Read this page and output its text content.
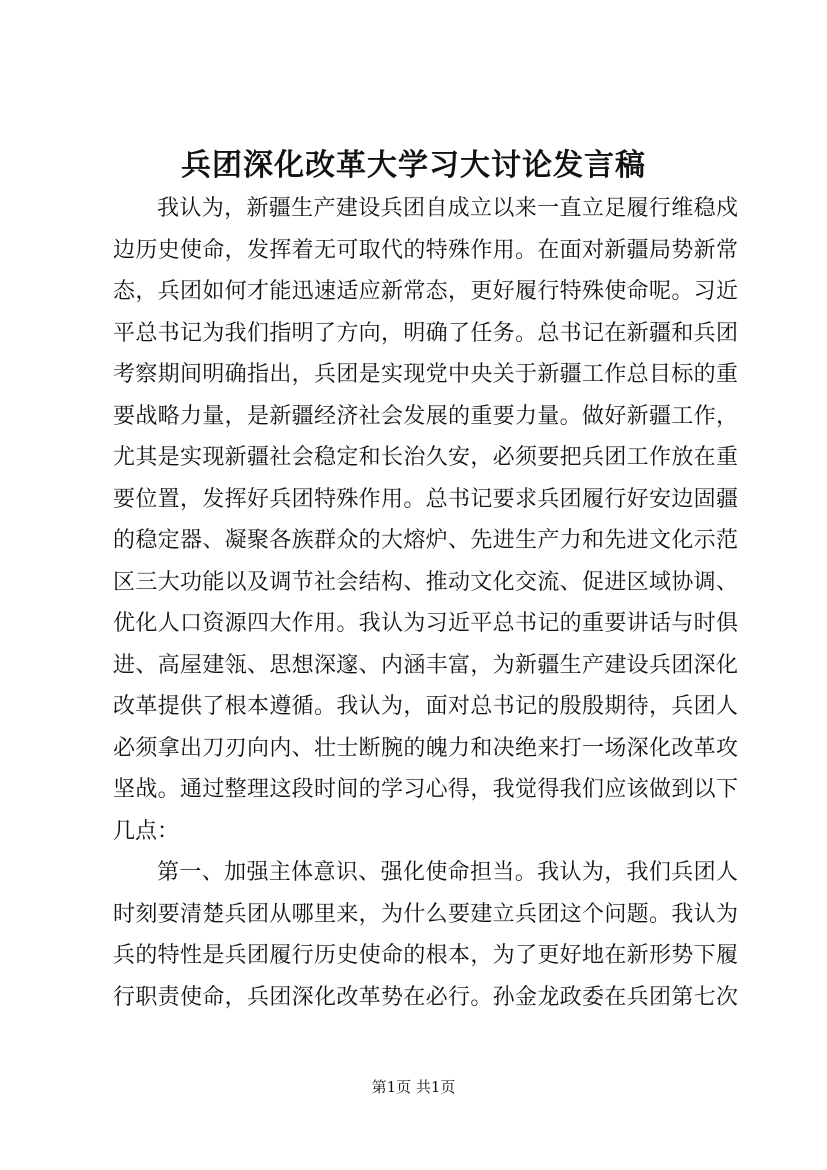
兵团深化改革大学习大讨论发言稿
我认为，新疆生产建设兵团自成立以来一直立足履行维稳戍
边历史使命，发挥着无可取代的特殊作用。在面对新疆局势新常
态，兵团如何才能迅速适应新常态，更好履行特殊使命呢。习近
平总书记为我们指明了方向，明确了任务。总书记在新疆和兵团
考察期间明确指出，兵团是实现党中央关于新疆工作总目标的重
要战略力量，是新疆经济社会发展的重要力量。做好新疆工作，
尤其是实现新疆社会稳定和长治久安，必须要把兵团工作放在重
要位置，发挥好兵团特殊作用。总书记要求兵团履行好安边固疆
的稳定器、凝聚各族群众的大熔炉、先进生产力和先进文化示范
区三大功能以及调节社会结构、推动文化交流、促进区域协调、
优化人口资源四大作用。我认为习近平总书记的重要讲话与时俱
进、高屋建瓴、思想深邃、内涵丰富，为新疆生产建设兵团深化
改革提供了根本遵循。我认为，面对总书记的殷殷期待，兵团人
必须拿出刀刃向内、壮士断腕的魄力和决绝来打一场深化改革攻
坚战。通过整理这段时间的学习心得，我觉得我们应该做到以下
几点：
第一、加强主体意识、强化使命担当。我认为，我们兵团人
时刻要清楚兵团从哪里来，为什么要建立兵团这个问题。我认为
兵的特性是兵团履行历史使命的根本，为了更好地在新形势下履
行职责使命，兵团深化改革势在必行。孙金龙政委在兵团第七次
第1页 共1页
